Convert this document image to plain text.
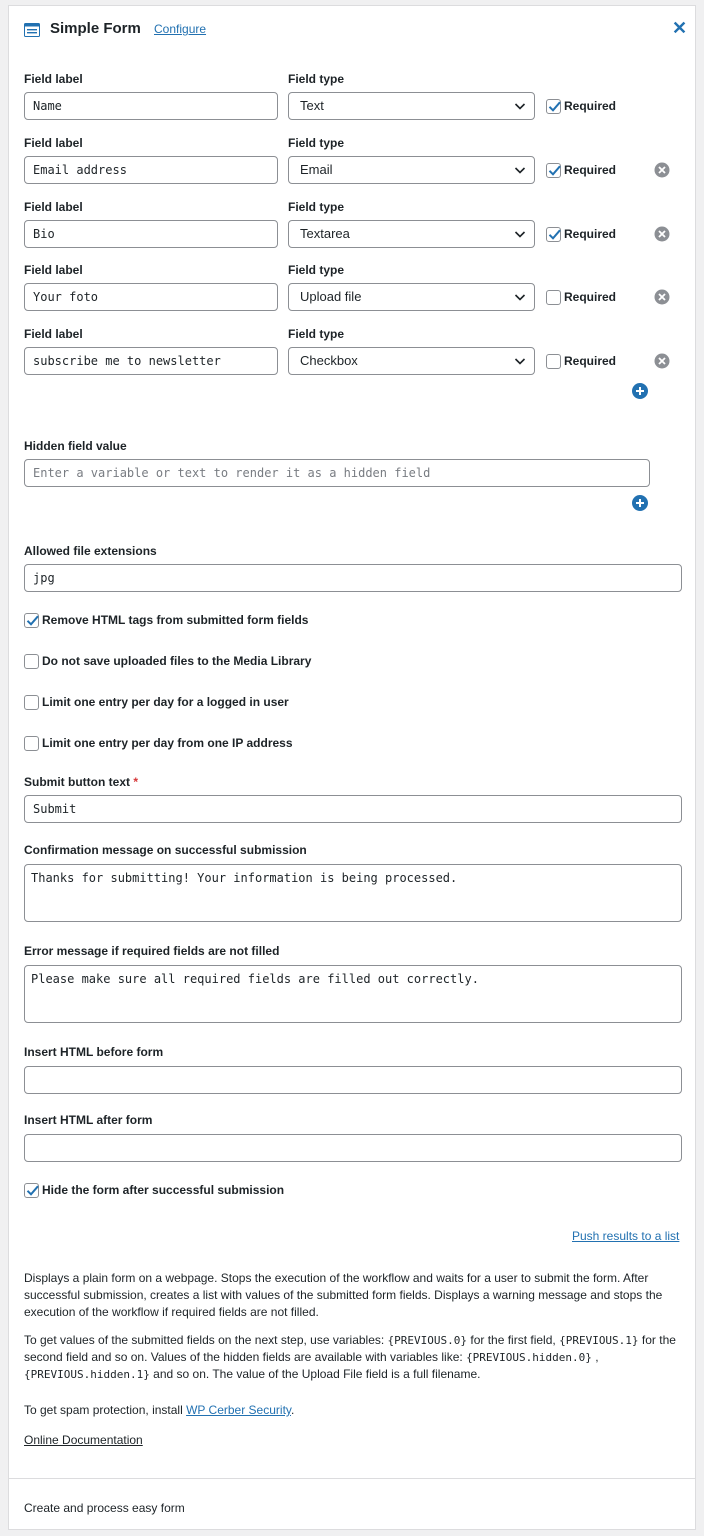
Simple Form Configure	✕
Field label	Field type
Name	Text	Required
Field label	Field type
Email address	Email	Required
Field label	Field type
Bio	Textarea	Required
Field label	Field type
Your foto	Upload file	Required
Field label	Field type
subscribe me to newsletter	Checkbox	Required
Hidden field value
Enter a variable or text to render it as a hidden field
Allowed file extensions
jpg
Remove HTML tags from submitted form fields
Do not save uploaded files to the Media Library
Limit one entry per day for a logged in user
Limit one entry per day from one IP address
Submit button text *
Submit
Confirmation message on successful submission
Thanks for submitting! Your information is being processed.
Error message if required fields are not filled
Please make sure all required fields are filled out correctly.
Insert HTML before form
Insert HTML after form
Hide the form after successful submission
Push results to a list
Displays a plain form on a webpage. Stops the execution of the workflow and waits for a user to submit the form. After successful submission, creates a list with values of the submitted form fields. Displays a warning message and stops the execution of the workflow if required fields are not filled.
To get values of the submitted fields on the next step, use variables: {PREVIOUS.0} for the first field, {PREVIOUS.1} for the second field and so on. Values of the hidden fields are available with variables like: {PREVIOUS.hidden.0} , {PREVIOUS.hidden.1} and so on. The value of the Upload File field is a full filename.
To get spam protection, install WP Cerber Security.
Online Documentation
Create and process easy form
